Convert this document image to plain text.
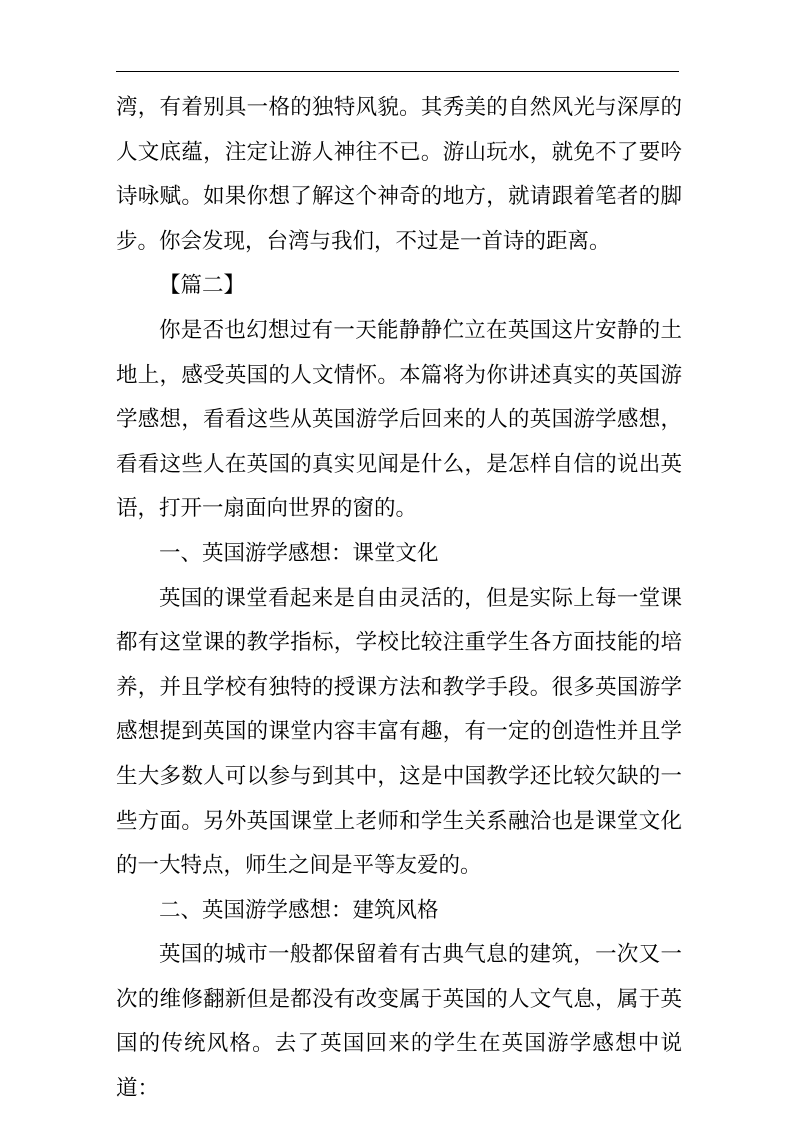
湾，有着别具一格的独特风貌。其秀美的自然风光与深厚的人文底蕴，注定让游人神往不已。游山玩水，就免不了要吟诗咏赋。如果你想了解这个神奇的地方，就请跟着笔者的脚步。你会发现，台湾与我们，不过是一首诗的距离。

【篇二】

你是否也幻想过有一天能静静伫立在英国这片安静的土地上，感受英国的人文情怀。本篇将为你讲述真实的英国游学感想，看看这些从英国游学后回来的人的英国游学感想，看看这些人在英国的真实见闻是什么，是怎样自信的说出英语，打开一扇面向世界的窗的。

一、英国游学感想：课堂文化

英国的课堂看起来是自由灵活的，但是实际上每一堂课都有这堂课的教学指标，学校比较注重学生各方面技能的培养，并且学校有独特的授课方法和教学手段。很多英国游学感想提到英国的课堂内容丰富有趣，有一定的创造性并且学生大多数人可以参与到其中，这是中国教学还比较欠缺的一些方面。另外英国课堂上老师和学生关系融洽也是课堂文化的一大特点，师生之间是平等友爱的。

二、英国游学感想：建筑风格

英国的城市一般都保留着有古典气息的建筑，一次又一次的维修翻新但是都没有改变属于英国的人文气息，属于英国的传统风格。去了英国回来的学生在英国游学感想中说道：
